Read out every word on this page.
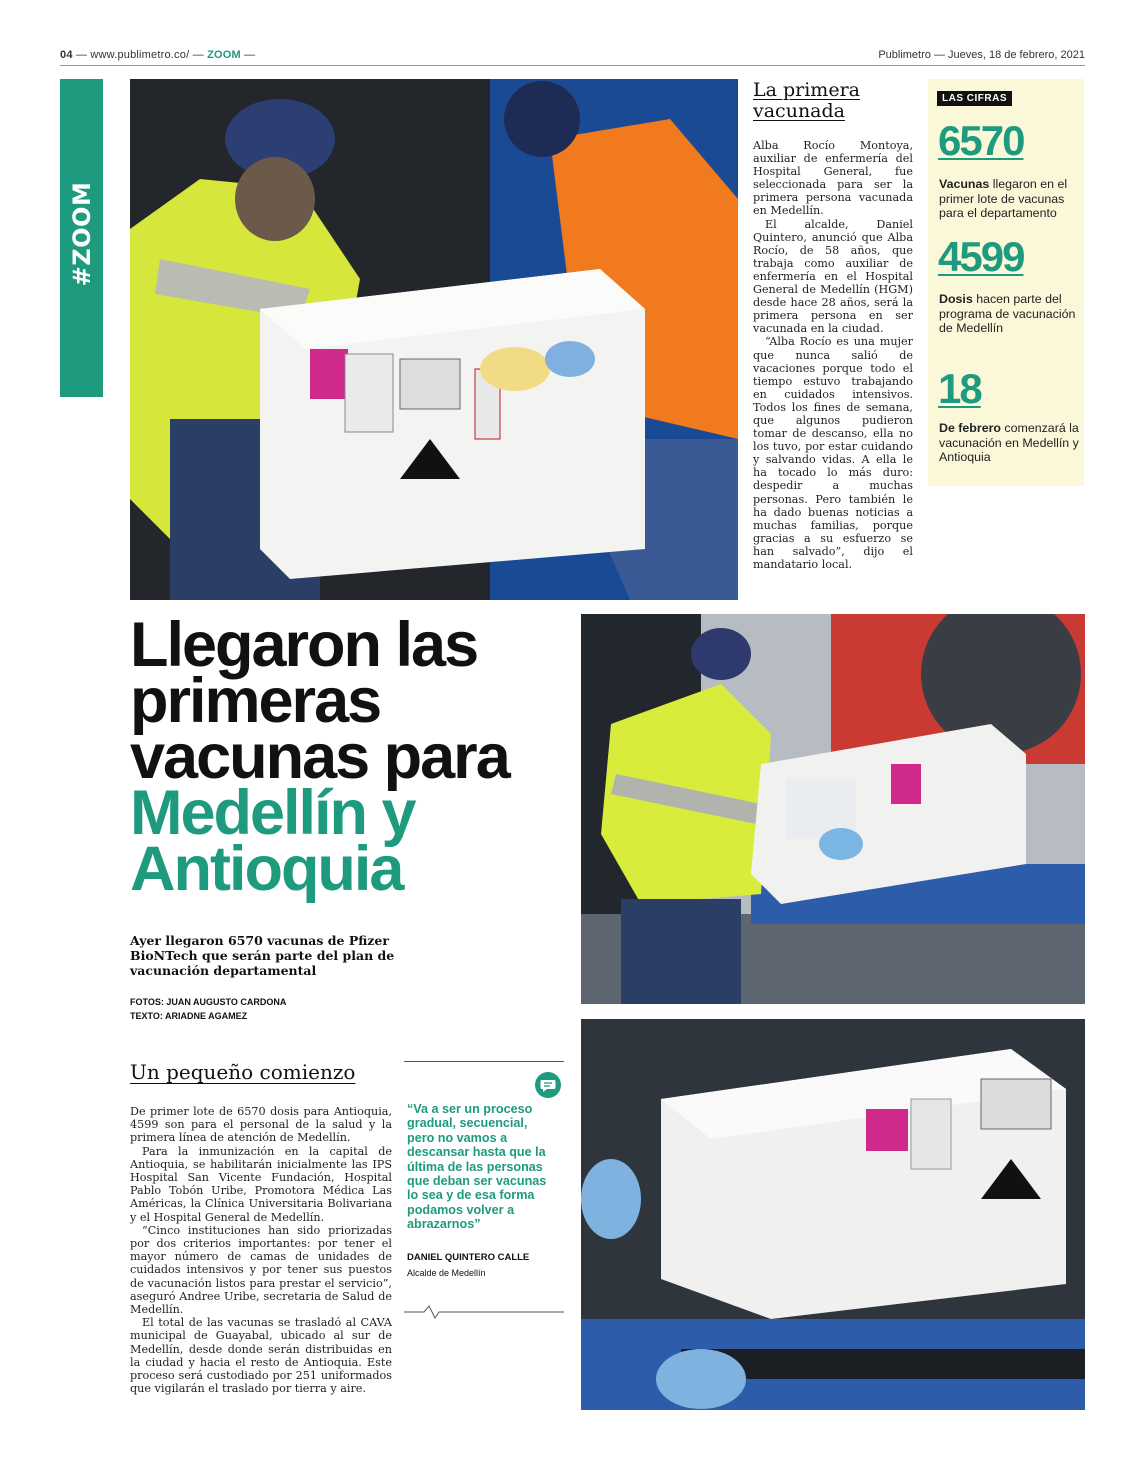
04 — www.publimetro.co/ — ZOOM —	Publimetro — Jueves, 18 de febrero, 2021
#ZOOM
La primera vacunada

Alba Rocío Montoya, auxiliar de enfermería del Hospital General, fue seleccionada para ser la primera persona vacunada en Medellín.

El alcalde, Daniel Quintero, anunció que Alba Rocío, de 58 años, que trabaja como auxiliar de enfermería en el Hospital General de Medellín (HGM) desde hace 28 años, será la primera persona en ser vacunada en la ciudad.

“Alba Rocío es una mujer que nunca salió de vacaciones porque todo el tiempo estuvo trabajando en cuidados intensivos. Todos los fines de semana, que algunos pudieron tomar de descanso, ella no los tuvo, por estar cuidando y salvando vidas. A ella le ha tocado lo más duro: despedir a muchas personas. Pero también le ha dado buenas noticias a muchas familias, porque gracias a su esfuerzo se han salvado”, dijo el mandatario local.

LAS CIFRAS
6570
Vacunas llegaron en el primer lote de vacunas para el departamento
4599
Dosis hacen parte del programa de vacunación de Medellín
18
De febrero comenzará la vacunación en Medellín y Antioquia
Llegaron las
primeras
vacunas para
Medellín y
Antioquia
Ayer llegaron 6570 vacunas de Pfizer BioNTech que serán parte del plan de vacunación departamental
FOTOS: JUAN AUGUSTO CARDONA
TEXTO: ARIADNE AGAMEZ
Un pequeño comienzo

De primer lote de 6570 dosis para Antioquia, 4599 son para el personal de la salud y la primera línea de atención de Medellín.

Para la inmunización en la capital de Antioquia, se habilitarán inicialmente las IPS Hospital San Vicente Fundación, Hospital Pablo Tobón Uribe, Promotora Médica Las Américas, la Clínica Universitaria Bolivariana y el Hospital General de Medellín.

“Cinco instituciones han sido priorizadas por dos criterios importantes: por tener el mayor número de camas de unidades de cuidados intensivos y por tener sus puestos de vacunación listos para prestar el servicio”, aseguró Andree Uribe, secretaria de Salud de Medellín.

El total de las vacunas se trasladó al CAVA municipal de Guayabal, ubicado al sur de Medellín, desde donde serán distribuidas en la ciudad y hacia el resto de Antioquia. Este proceso será custodiado por 251 uniformados que vigilarán el traslado por tierra y aire.

“Va a ser un proceso gradual, secuencial, pero no vamos a descansar hasta que la última de las personas que deban ser vacunas lo sea y de esa forma podamos volver a abrazarnos”
DANIEL QUINTERO CALLE
Alcalde de Medellín
